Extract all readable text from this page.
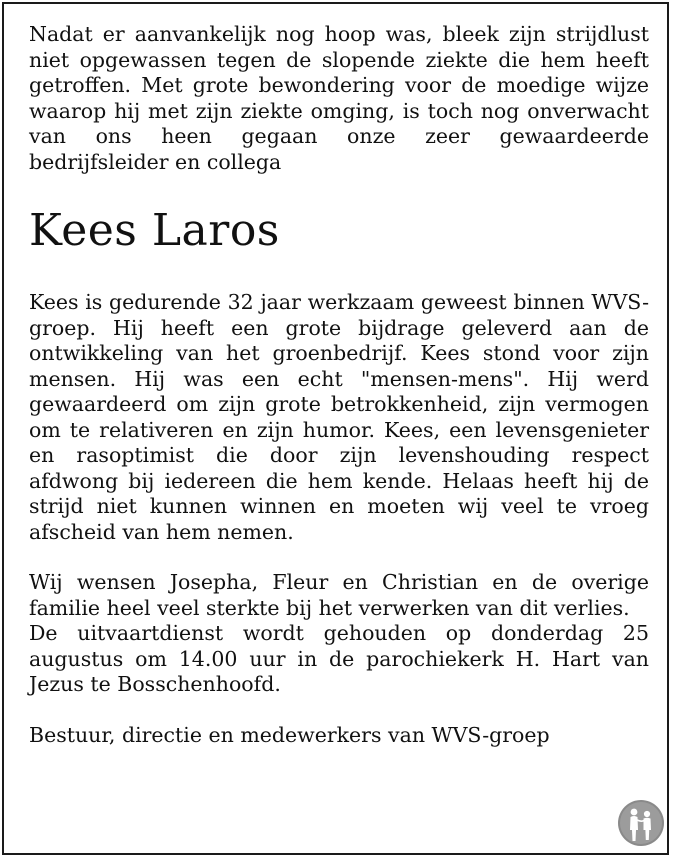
Nadat er aanvankelijk nog hoop was, bleek zijn strijdlust niet opgewassen tegen de slopende ziekte die hem heeft getroffen. Met grote bewondering voor de moedige wijze waarop hij met zijn ziekte omging, is toch nog onverwacht van ons heen gegaan onze zeer gewaardeerde bedrijfsleider en collega

Kees Laros

Kees is gedurende 32 jaar werkzaam geweest binnen WVS-groep. Hij heeft een grote bijdrage geleverd aan de ontwikkeling van het groenbedrijf. Kees stond voor zijn mensen. Hij was een echt "mensen-mens". Hij werd gewaardeerd om zijn grote betrokkenheid, zijn vermogen om te relativeren en zijn humor. Kees, een levensgenieter en rasoptimist die door zijn levenshouding respect afdwong bij iedereen die hem kende. Helaas heeft hij de strijd niet kunnen winnen en moeten wij veel te vroeg afscheid van hem nemen.

Wij wensen Josepha, Fleur en Christian en de overige familie heel veel sterkte bij het verwerken van dit verlies.

De uitvaartdienst wordt gehouden op donderdag 25 augustus om 14.00 uur in de parochiekerk H. Hart van Jezus te Bosschenhoofd.

Bestuur, directie en medewerkers van WVS-groep
